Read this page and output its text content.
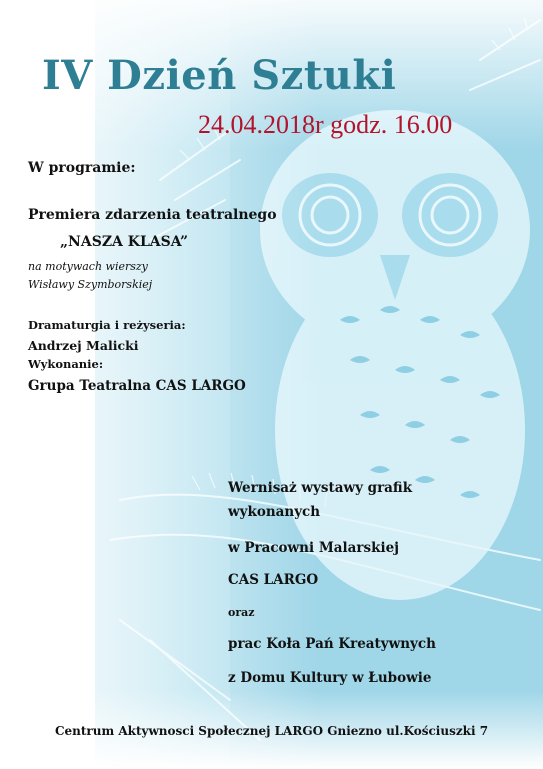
IV Dzień Sztuki
24.04.2018r godz. 16.00
W programie:
Premiera zdarzenia teatralnego
„NASZA KLASA”
na motywach wierszy
Wisławy Szymborskiej
Dramaturgia i reżyseria:
Andrzej Malicki
Wykonanie:
Grupa Teatralna CAS LARGO
Wernisaż wystawy grafik
wykonanych
w Pracowni Malarskiej
CAS LARGO
oraz
prac Koła Pań Kreatywnych
z Domu Kultury w Łubowie
Centrum Aktywnosci Społecznej LARGO Gniezno ul.Kościuszki 7
